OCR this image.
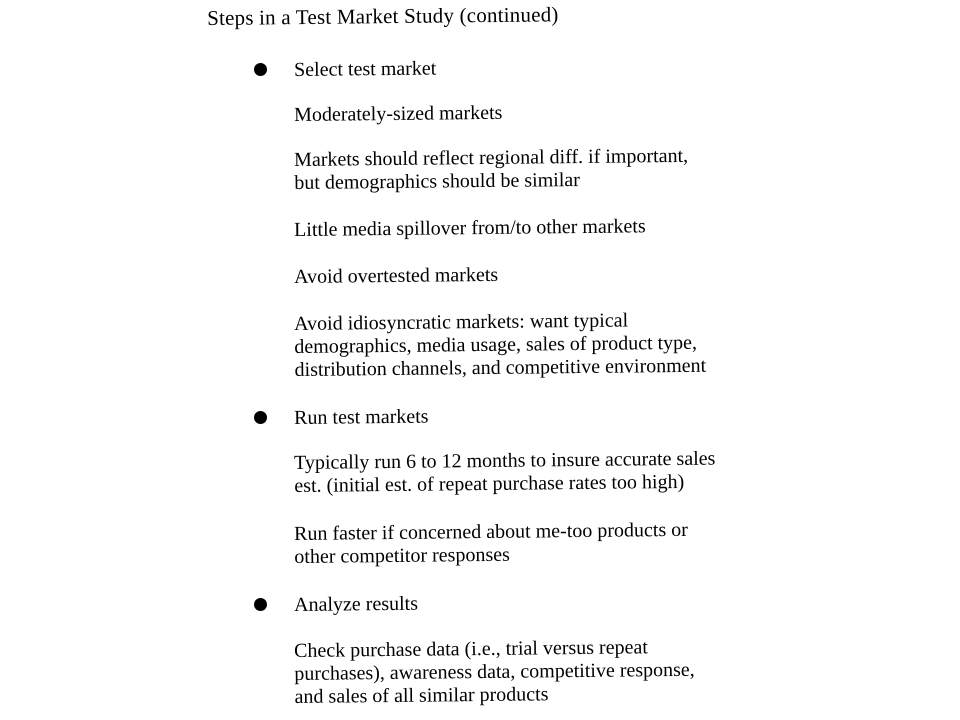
Steps in a Test Market Study (continued)
Select test market
Moderately-sized markets
Markets should reflect regional diff. if important,
but demographics should be similar
Little media spillover from/to other markets
Avoid overtested markets
Avoid idiosyncratic markets: want typical
demographics, media usage, sales of product type,
distribution channels, and competitive environment
Run test markets
Typically run 6 to 12 months to insure accurate sales
est. (initial est. of repeat purchase rates too high)
Run faster if concerned about me-too products or
other competitor responses
Analyze results
Check purchase data (i.e., trial versus repeat
purchases), awareness data, competitive response,
and sales of all similar products
